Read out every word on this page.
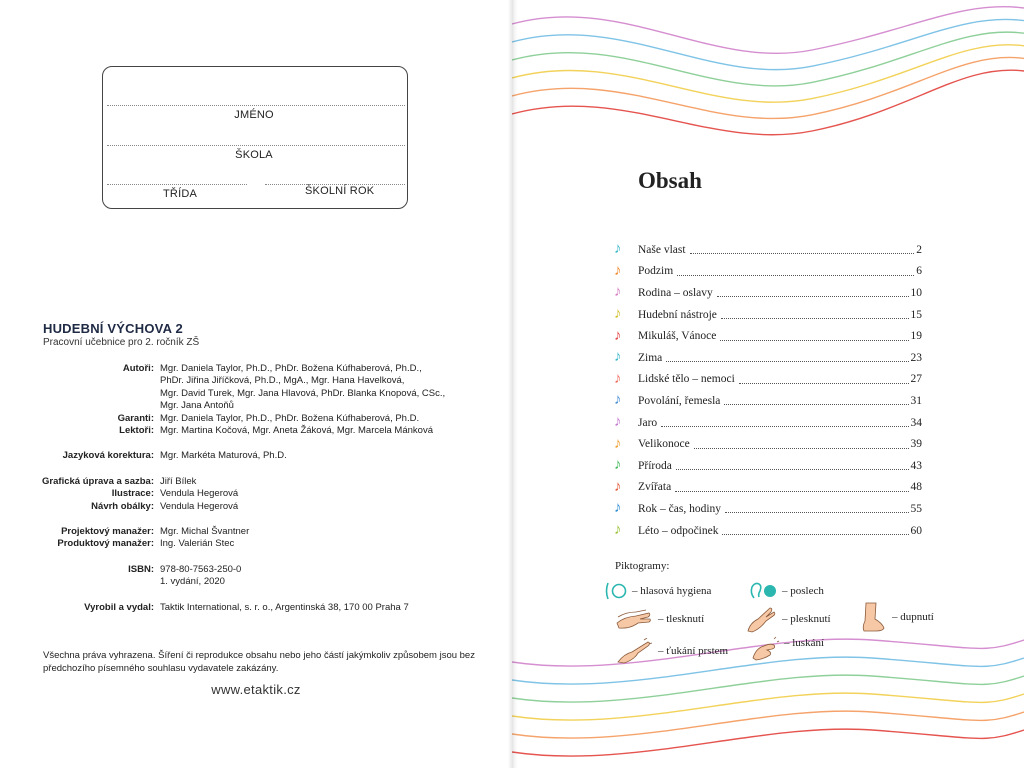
JMÉNO
ŠKOLA
TŘÍDA	ŠKOLNÍ ROK
HUDEBNÍ VÝCHOVA 2
Pracovní učebnice pro 2. ročník ZŠ
Autoři: Mgr. Daniela Taylor, Ph.D., PhDr. Božena Kúfhaberová, Ph.D.,
PhDr. Jiřina Jiříčková, Ph.D., MgA., Mgr. Hana Havelková,
Mgr. David Turek, Mgr. Jana Hlavová, PhDr. Blanka Knopová, CSc.,
Mgr. Jana Antoňů
Garanti: Mgr. Daniela Taylor, Ph.D., PhDr. Božena Kúfhaberová, Ph.D.
Lektoři: Mgr. Martina Kočová, Mgr. Aneta Žáková, Mgr. Marcela Mánková
Jazyková korektura: Mgr. Markéta Maturová, Ph.D.
Grafická úprava a sazba: Jiří Bílek
Ilustrace: Vendula Hegerová
Návrh obálky: Vendula Hegerová
Projektový manažer: Mgr. Michal Švantner
Produktový manažer: Ing. Valerián Stec
ISBN: 978-80-7563-250-0
1. vydání, 2020
Vyrobil a vydal: Taktik International, s. r. o., Argentinská 38, 170 00 Praha 7
Všechna práva vyhrazena. Šíření či reprodukce obsahu nebo jeho částí jakýmkoliv způsobem jsou bez předchozího písemného souhlasu vydavatele zakázány.
www.etaktik.cz
Obsah
♪	Naše vlast	2
♪	Podzim	6
♪	Rodina – oslavy	10
♪	Hudební nástroje	15
♪	Mikuláš, Vánoce	19
♪	Zima	23
♪	Lidské tělo – nemoci	27
♪	Povolání, řemesla	31
♪	Jaro	34
♪	Velikonoce	39
♪	Příroda	43
♪	Zvířata	48
♪	Rok – čas, hodiny	55
♪	Léto – odpočinek	60
Piktogramy:
– hlasová hygiena	– poslech
– tlesknutí	– plesknutí	– dupnutí
– ťukání prstem
– luskání
